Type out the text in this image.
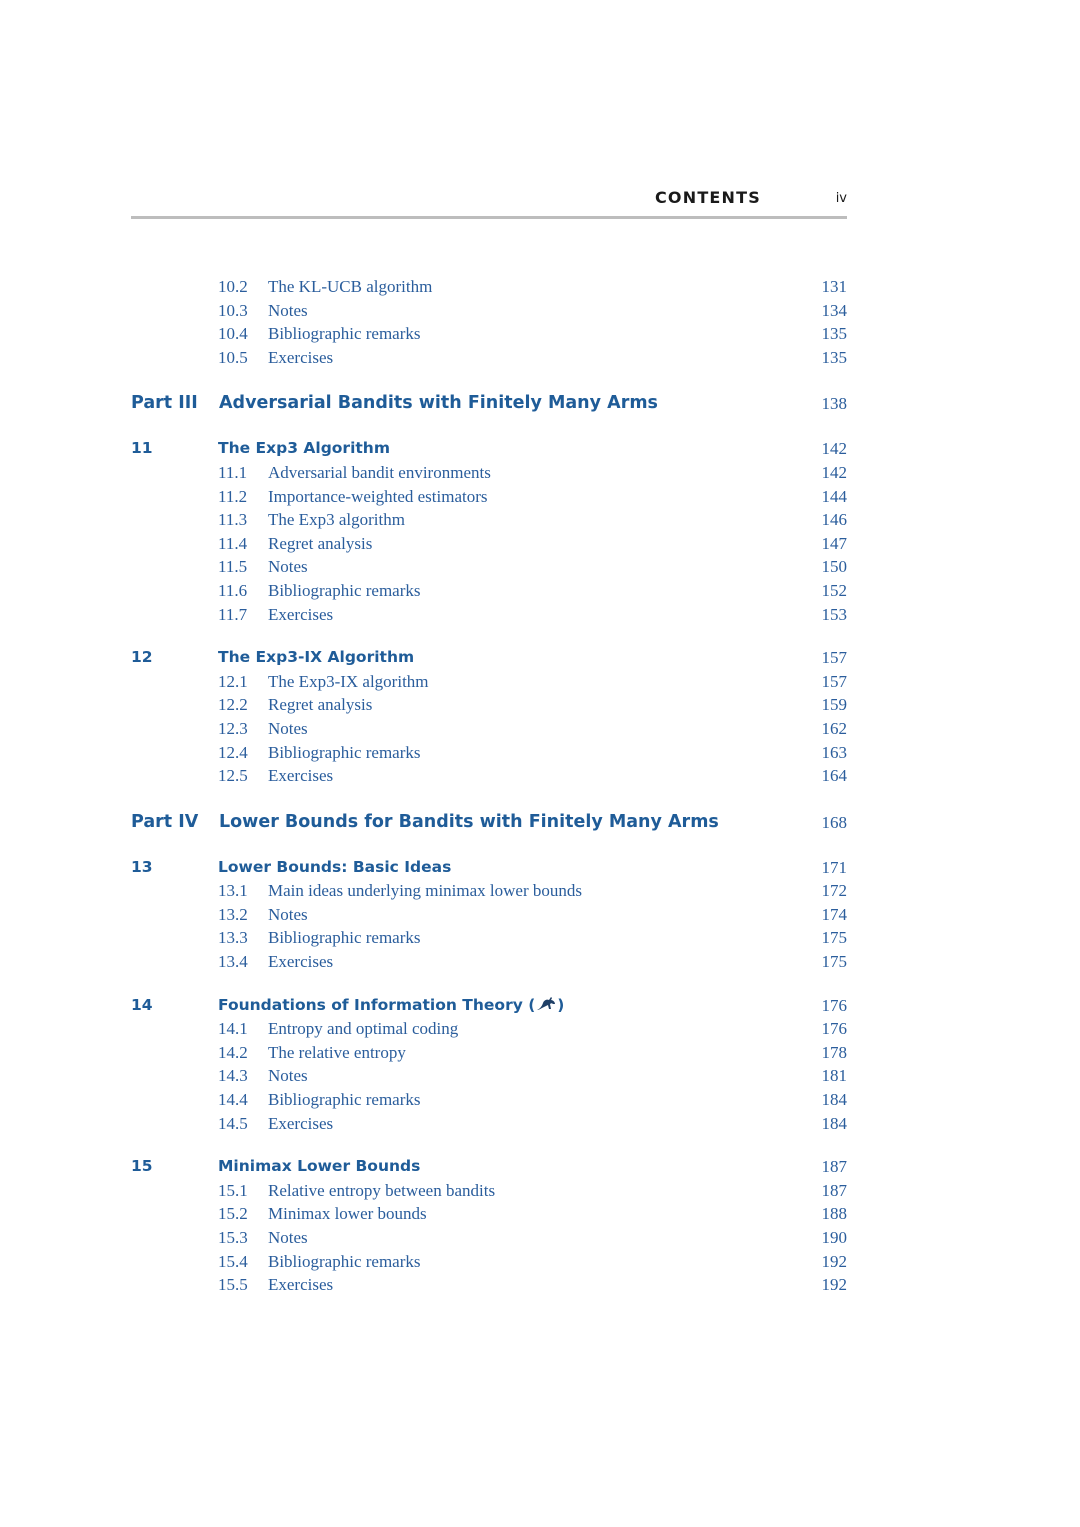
CONTENTS	iv
10.2 The KL-UCB algorithm	131
10.3 Notes	134
10.4 Bibliographic remarks	135
10.5 Exercises	135
Part III Adversarial Bandits with Finitely Many Arms	138
11	The Exp3 Algorithm	142
11.1 Adversarial bandit environments	142
11.2 Importance-weighted estimators	144
11.3 The Exp3 algorithm	146
11.4 Regret analysis	147
11.5 Notes	150
11.6 Bibliographic remarks	152
11.7 Exercises	153
12	The Exp3-IX Algorithm	157
12.1 The Exp3-IX algorithm	157
12.2 Regret analysis	159
12.3 Notes	162
12.4 Bibliographic remarks	163
12.5 Exercises	164
Part IV Lower Bounds for Bandits with Finitely Many Arms	168
13	Lower Bounds: Basic Ideas	171
13.1 Main ideas underlying minimax lower bounds	172
13.2 Notes	174
13.3 Bibliographic remarks	175
13.4 Exercises	175
14	Foundations of Information Theory ( )	176
14.1 Entropy and optimal coding	176
14.2 The relative entropy	178
14.3 Notes	181
14.4 Bibliographic remarks	184
14.5 Exercises	184
15	Minimax Lower Bounds	187
15.1 Relative entropy between bandits	187
15.2 Minimax lower bounds	188
15.3 Notes	190
15.4 Bibliographic remarks	192
15.5 Exercises	192
